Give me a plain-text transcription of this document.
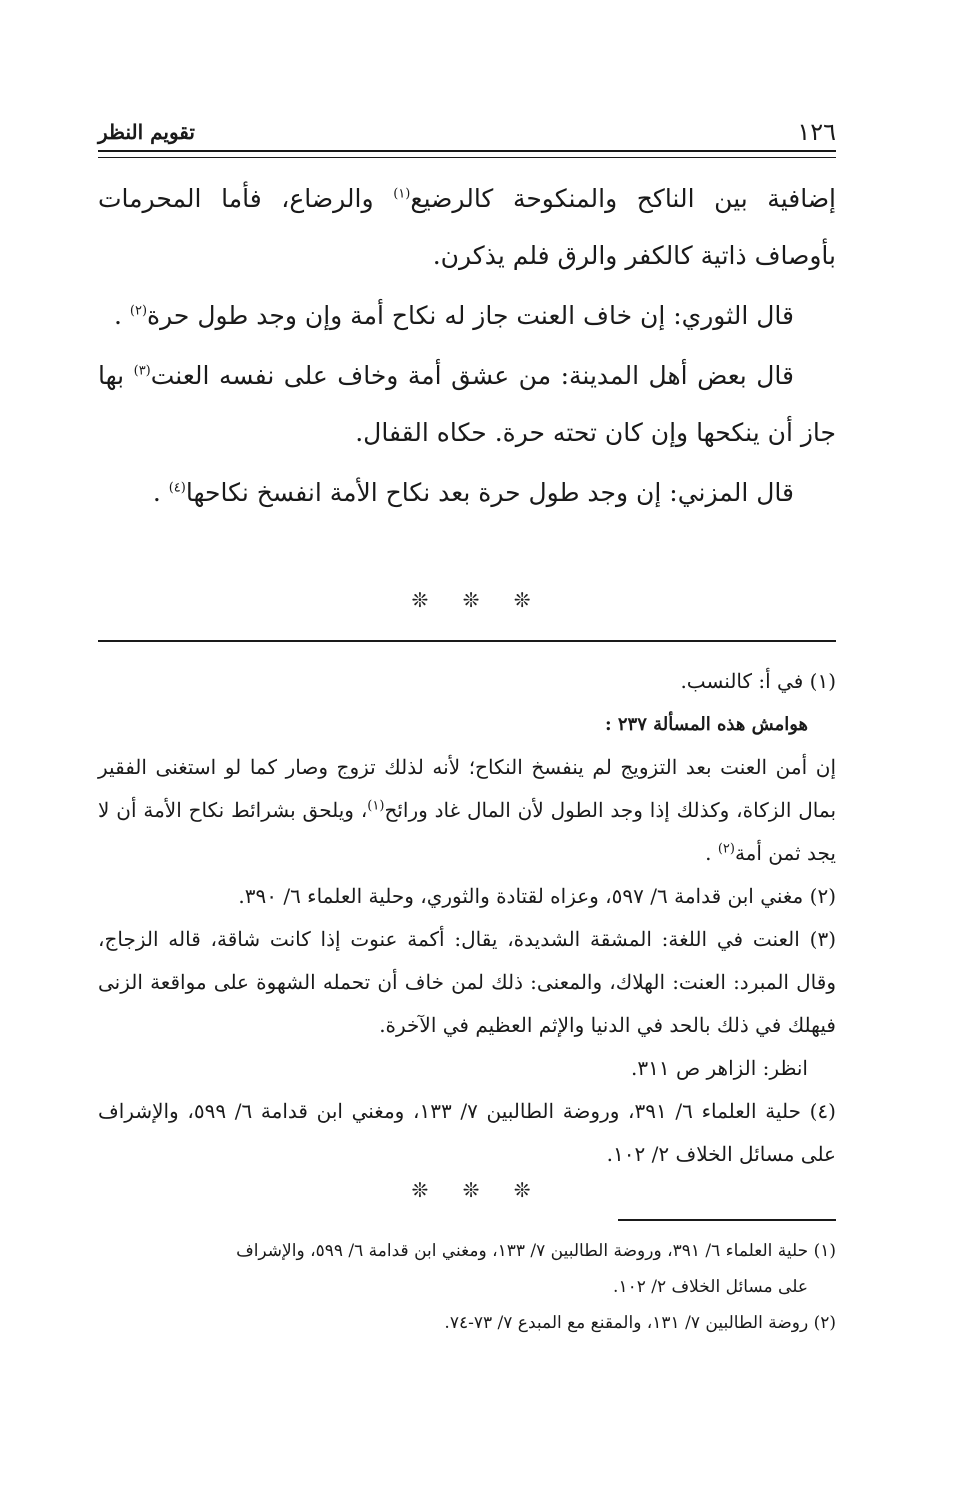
١٢٦
تقويم النظر

إضافية بين الناكح والمنكوحة كالرضيع$^{(١)}$ والرضاع، فأما المحرمات بأوصاف ذاتية كالكفر والرق فلم يذكرن.

قال الثوري: إن خاف العنت جاز له نكاح أمة وإن وجد طول حرة$^{(٢)}$ .

قال بعض أهل المدينة: من عشق أمة وخاف على نفسه العنت$^{(٣)}$ بها جاز أن ينكحها وإن كان تحته حرة. حكاه القفال.

قال المزني: إن وجد طول حرة بعد نكاح الأمة انفسخ نكاحها$^{(٤)}$ .

❊ ❊ ❊

(١) في أ: كالنسب.

هوامش هذه المسألة ٢٣٧ :

إن أمن العنت بعد التزويج لم ينفسخ النكاح؛ لأنه لذلك تزوج وصار كما لو استغنى الفقير بمال الزكاة، وكذلك إذا وجد الطول لأن المال غاد ورائح$^{(١)}$، ويلحق بشرائط نكاح الأمة أن لا يجد ثمن أمة$^{(٢)}$ .

(٢) مغني ابن قدامة ٦/ ٥٩٧، وعزاه لقتادة والثوري، وحلية العلماء ٦/ ٣٩٠.

(٣) العنت في اللغة: المشقة الشديدة، يقال: أكمة عنوت إذا كانت شاقة، قاله الزجاج، وقال المبرد: العنت: الهلاك، والمعنى: ذلك لمن خاف أن تحمله الشهوة على مواقعة الزنى فيهلك في ذلك بالحد في الدنيا والإثم العظيم في الآخرة.

انظر: الزاهر ص ٣١١.

(٤) حلية العلماء ٦/ ٣٩١، وروضة الطالبين ٧/ ١٣٣، ومغني ابن قدامة ٦/ ٥٩٩، والإشراف على مسائل الخلاف ٢/ ١٠٢.

❊ ❊ ❊

(١) حلية العلماء ٦/ ٣٩١، وروضة الطالبين ٧/ ١٣٣، ومغني ابن قدامة ٦/ ٥٩٩، والإشراف

على مسائل الخلاف ٢/ ١٠٢.

(٢) روضة الطالبين ٧/ ١٣١، والمقنع مع المبدع ٧/ ٧٣-٧٤.
